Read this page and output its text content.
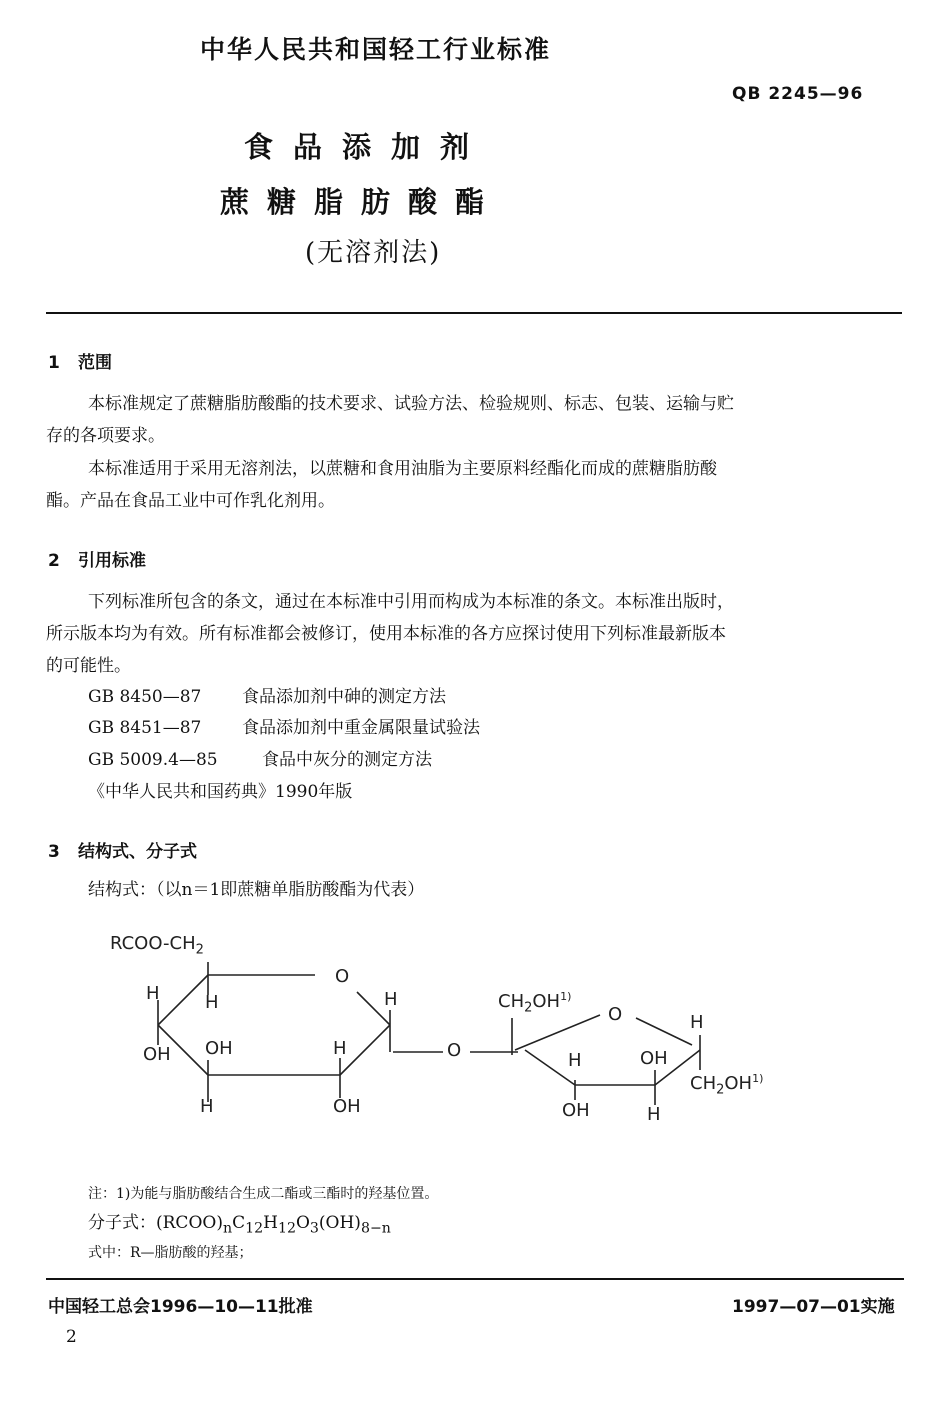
中华人民共和国轻工行业标准
QB 2245—96
食品添加剂
蔗糖脂肪酸酯
(无溶剂法)
1 范围
本标准规定了蔗糖脂肪酸酯的技术要求、试验方法、检验规则、标志、包装、运输与贮
存的各项要求。
本标准适用于采用无溶剂法，以蔗糖和食用油脂为主要原料经酯化而成的蔗糖脂肪酸
酯。产品在食品工业中可作乳化剂用。
2 引用标准
下列标准所包含的条文，通过在本标准中引用而构成为本标准的条文。本标准出版时，
所示版本均为有效。所有标准都会被修订，使用本标准的各方应探讨使用下列标准最新版本
的可能性。
GB 8450—87 食品添加剂中砷的测定方法
GB 8451—87 食品添加剂中重金属限量试验法
GB 5009.4—85	食品中灰分的测定方法
《中华人民共和国药典》1990年版
3 结构式、分子式
结构式：（以n＝1即蔗糖单脂肪酸酯为代表）
RCOO-$CH_2$
O
H	H	H
OH OH	H
H	OH
O
$CH_2OH^{1)}$
O	H
H	OH
$CH_2OH^{1)}$
OH	H
注：1)为能与脂肪酸结合生成二酯或三酯时的羟基位置。
分子式：$(RCOO)_nC_{12}H_{12}O_3(OH)_{8-n}$
式中：R—脂肪酸的羟基；
中国轻工总会1996—10—11批准	1997—07—01实施
2
